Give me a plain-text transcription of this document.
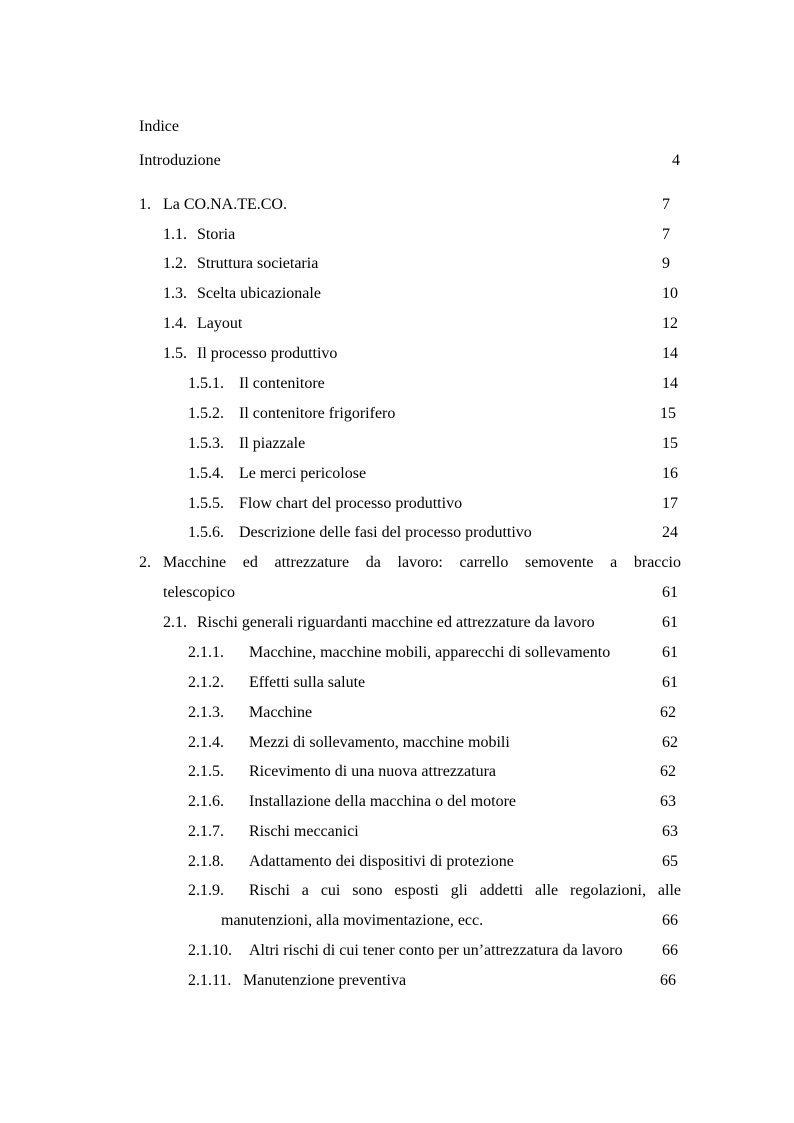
Indice
Introduzione	4
1. La CO.NA.TE.CO.	7
1.1. Storia	7
1.2. Struttura societaria	9
1.3. Scelta ubicazionale	10
1.4. Layout	12
1.5. Il processo produttivo	14
1.5.1. Il contenitore	14
1.5.2. Il contenitore frigorifero	15
1.5.3. Il piazzale	15
1.5.4. Le merci pericolose	16
1.5.5. Flow chart del processo produttivo	17
1.5.6. Descrizione delle fasi del processo produttivo	24
2. Macchine ed attrezzature da lavoro: carrello semovente a braccio
telescopico	61
2.1. Rischi generali riguardanti macchine ed attrezzature da lavoro	61
2.1.1. Macchine, macchine mobili, apparecchi di sollevamento	61
2.1.2. Effetti sulla salute	61
2.1.3. Macchine	62
2.1.4. Mezzi di sollevamento, macchine mobili	62
2.1.5. Ricevimento di una nuova attrezzatura	62
2.1.6. Installazione della macchina o del motore	63
2.1.7. Rischi meccanici	63
2.1.8. Adattamento dei dispositivi di protezione	65
2.1.9. Rischi a cui sono esposti gli addetti alle regolazioni, alle
manutenzioni, alla movimentazione, ecc.	66
2.1.10. Altri rischi di cui tener conto per un’attrezzatura da lavoro 66
2.1.11. Manutenzione preventiva	66
